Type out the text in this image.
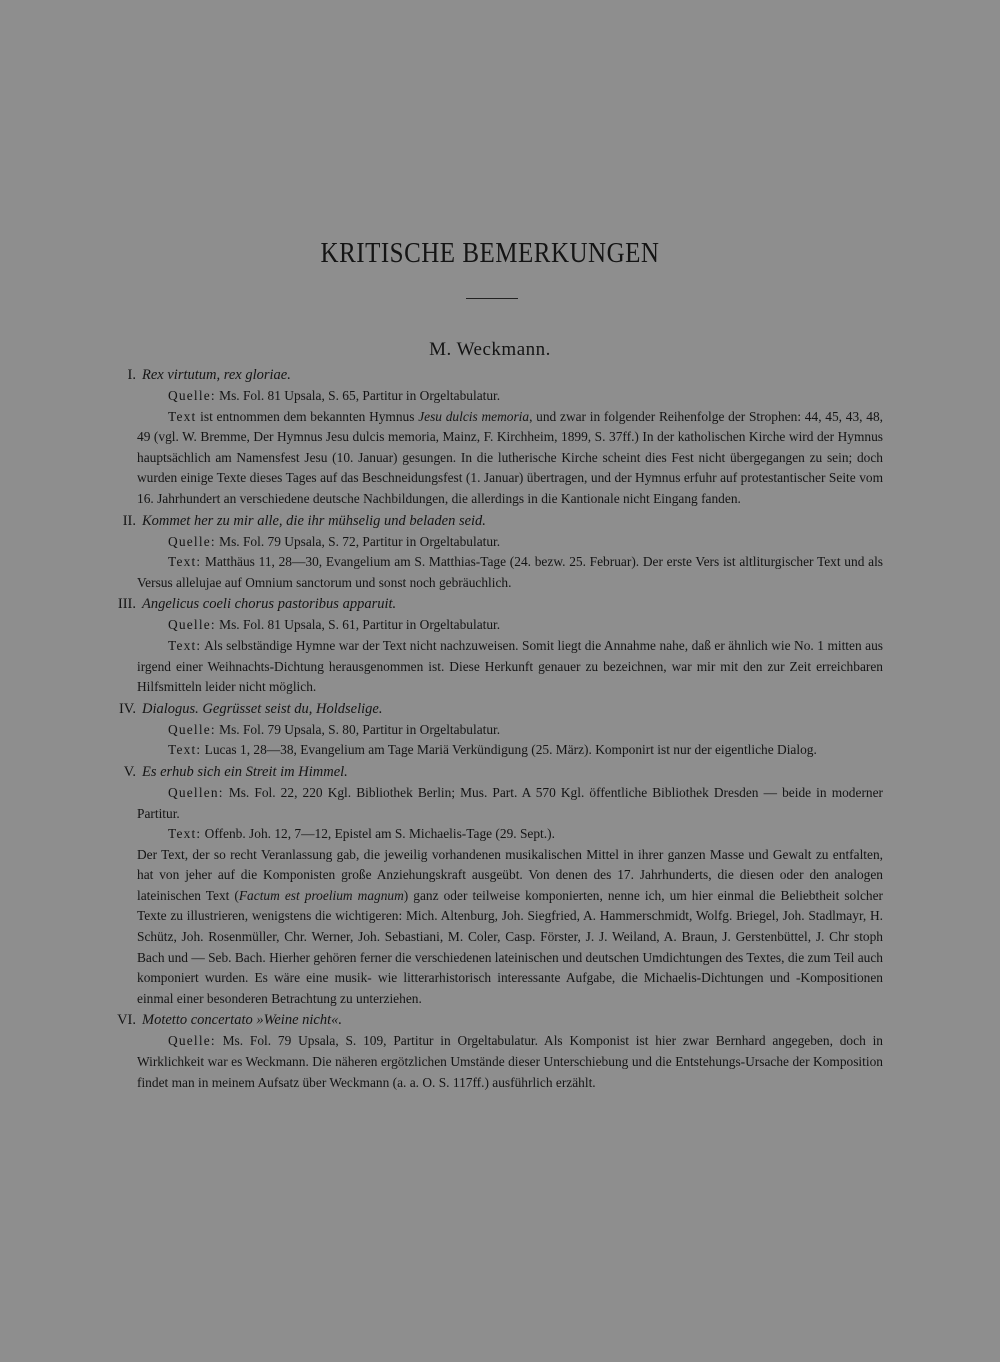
KRITISCHE BEMERKUNGEN
M. Weckmann.
I. Rex virtutum, rex gloriae.

Quelle: Ms. Fol. 81 Upsala, S. 65, Partitur in Orgeltabulatur.

Text ist entnommen dem bekannten Hymnus Jesu dulcis memoria, und zwar in folgender Reihenfolge der Strophen: 44, 45, 43, 48, 49 (vgl. W. Bremme, Der Hymnus Jesu dulcis memoria, Mainz, F. Kirchheim, 1899, S. 37ff.) In der katholischen Kirche wird der Hymnus hauptsächlich am Namensfest Jesu (10. Januar) gesungen. In die lutherische Kirche scheint dies Fest nicht übergegangen zu sein; doch wurden einige Texte dieses Tages auf das Beschneidungsfest (1. Januar) übertragen, und der Hymnus erfuhr auf protestantischer Seite vom 16. Jahrhundert an verschiedene deutsche Nachbildungen, die allerdings in die Kantionale nicht Eingang fanden.

II. Kommet her zu mir alle, die ihr mühselig und beladen seid.

Quelle: Ms. Fol. 79 Upsala, S. 72, Partitur in Orgeltabulatur.

Text: Matthäus 11, 28—30, Evangelium am S. Matthias-Tage (24. bezw. 25. Februar). Der erste Vers ist altliturgischer Text und als Versus allelujae auf Omnium sanctorum und sonst noch gebräuchlich.

III. Angelicus coeli chorus pastoribus apparuit.

Quelle: Ms. Fol. 81 Upsala, S. 61, Partitur in Orgeltabulatur.

Text: Als selbständige Hymne war der Text nicht nachzuweisen. Somit liegt die Annahme nahe, daß er ähnlich wie No. 1 mitten aus irgend einer Weihnachts-Dichtung herausgenommen ist. Diese Herkunft genauer zu bezeichnen, war mir mit den zur Zeit erreichbaren Hilfsmitteln leider nicht möglich.

IV. Dialogus. Gegrüsset seist du, Holdselige.

Quelle: Ms. Fol. 79 Upsala, S. 80, Partitur in Orgeltabulatur.

Text: Lucas 1, 28—38, Evangelium am Tage Mariä Verkündigung (25. März). Komponirt ist nur der eigentliche Dialog.

V. Es erhub sich ein Streit im Himmel.

Quellen: Ms. Fol. 22, 220 Kgl. Bibliothek Berlin; Mus. Part. A 570 Kgl. öffentliche Bibliothek Dresden — beide in moderner Partitur.

Text: Offenb. Joh. 12, 7—12, Epistel am S. Michaelis-Tage (29. Sept.).

Der Text, der so recht Veranlassung gab, die jeweilig vorhandenen musikalischen Mittel in ihrer ganzen Masse und Gewalt zu entfalten, hat von jeher auf die Komponisten große Anziehungskraft ausgeübt. Von denen des 17. Jahrhunderts, die diesen oder den analogen lateinischen Text (Factum est proelium magnum) ganz oder teilweise komponierten, nenne ich, um hier einmal die Beliebtheit solcher Texte zu illustrieren, wenigstens die wichtigeren: Mich. Altenburg, Joh. Siegfried, A. Hammerschmidt, Wolfg. Briegel, Joh. Stadlmayr, H. Schütz, Joh. Rosenmüller, Chr. Werner, Joh. Sebastiani, M. Coler, Casp. Förster, J. J. Weiland, A. Braun, J. Gerstenbüttel, J. Chr stoph Bach und — Seb. Bach. Hierher gehören ferner die verschiedenen lateinischen und deutschen Umdichtungen des Textes, die zum Teil auch komponiert wurden. Es wäre eine musik- wie litterarhistorisch interessante Aufgabe, die Michaelis-Dichtungen und -Kompositionen einmal einer besonderen Betrachtung zu unterziehen.

VI. Motetto concertato »Weine nicht«.

Quelle: Ms. Fol. 79 Upsala, S. 109, Partitur in Orgeltabulatur. Als Komponist ist hier zwar Bernhard angegeben, doch in Wirklichkeit war es Weckmann. Die näheren ergötzlichen Umstände dieser Unterschiebung und die Entstehungs-Ursache der Komposition findet man in meinem Aufsatz über Weckmann (a. a. O. S. 117ff.) ausführlich erzählt.
